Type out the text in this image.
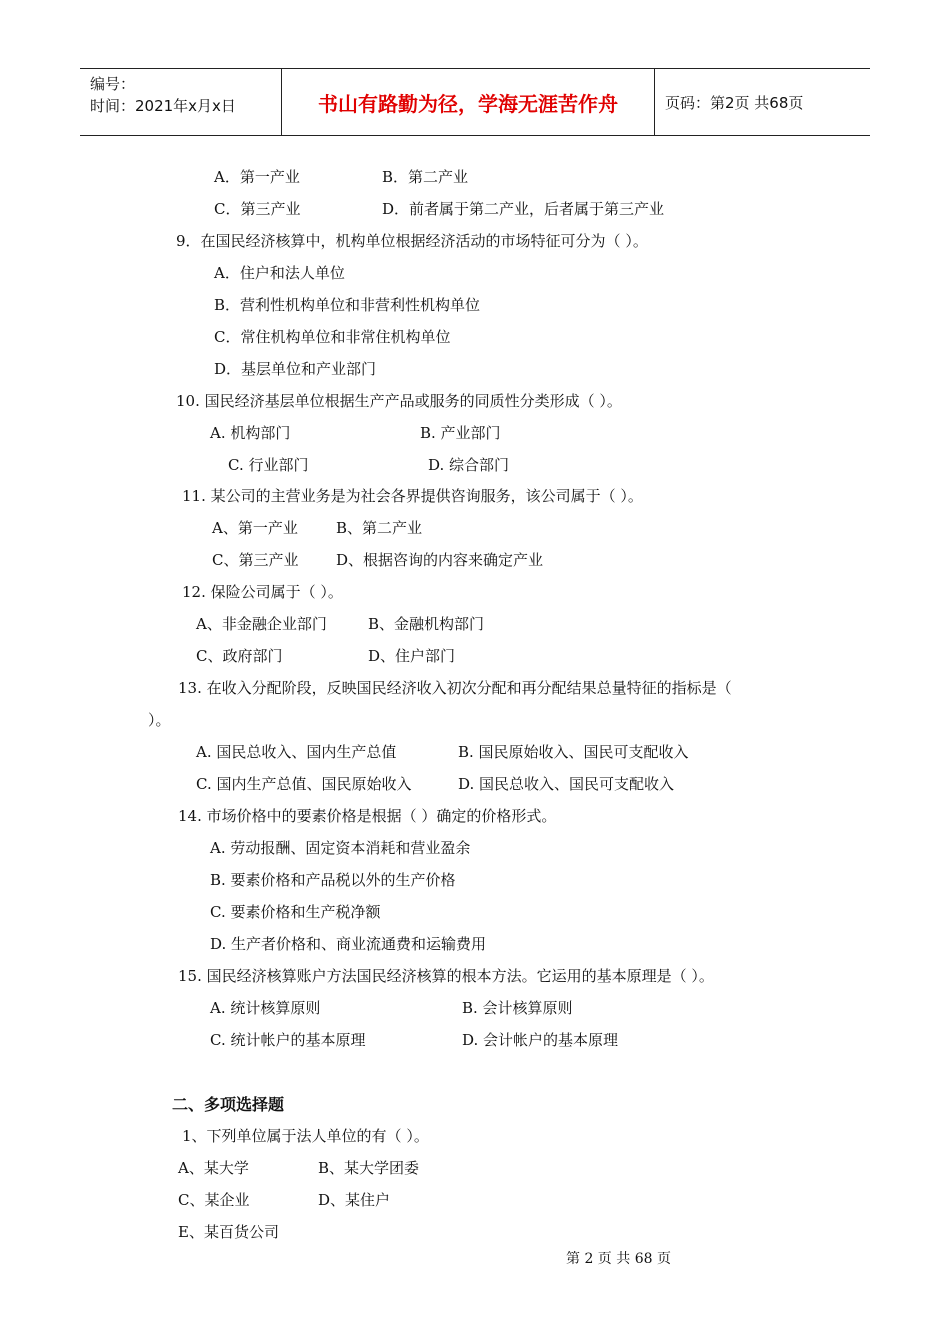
编号：
时间：2021年x月x日	书山有路勤为径，学海无涯苦作舟	页码：第2页 共68页
A．第一产业	B．第二产业
C．第三产业	D．前者属于第二产业，后者属于第三产业
9．在国民经济核算中，机构单位根据经济活动的市场特征可分为（ ）。
A．住户和法人单位
B．营利性机构单位和非营利性机构单位
C．常住机构单位和非常住机构单位
D．基层单位和产业部门
10. 国民经济基层单位根据生产产品或服务的同质性分类形成（ ）。
A. 机构部门	B. 产业部门
C. 行业部门	D. 综合部门
11. 某公司的主营业务是为社会各界提供咨询服务，该公司属于（ ）。
A、第一产业	B、第二产业
C、第三产业	D、根据咨询的内容来确定产业
12. 保险公司属于（ ）。
A、非金融企业部门	B、金融机构部门
C、政府部门	D、住户部门
13. 在收入分配阶段，反映国民经济收入初次分配和再分配结果总量特征的指标是（
）。
A. 国民总收入、国内生产总值	B. 国民原始收入、国民可支配收入
C. 国内生产总值、国民原始收入	D. 国民总收入、国民可支配收入
14. 市场价格中的要素价格是根据（ ）确定的价格形式。
A. 劳动报酬、固定资本消耗和营业盈余
B. 要素价格和产品税以外的生产价格
C. 要素价格和生产税净额
D. 生产者价格和、商业流通费和运输费用
15. 国民经济核算账户方法国民经济核算的根本方法。它运用的基本原理是（ ）。
A. 统计核算原则	B. 会计核算原则
C. 统计帐户的基本原理	D. 会计帐户的基本原理
二、多项选择题
1、下列单位属于法人单位的有（ ）。
A、某大学	B、某大学团委
C、某企业	D、某住户
E、某百货公司
第 2 页 共 68 页
